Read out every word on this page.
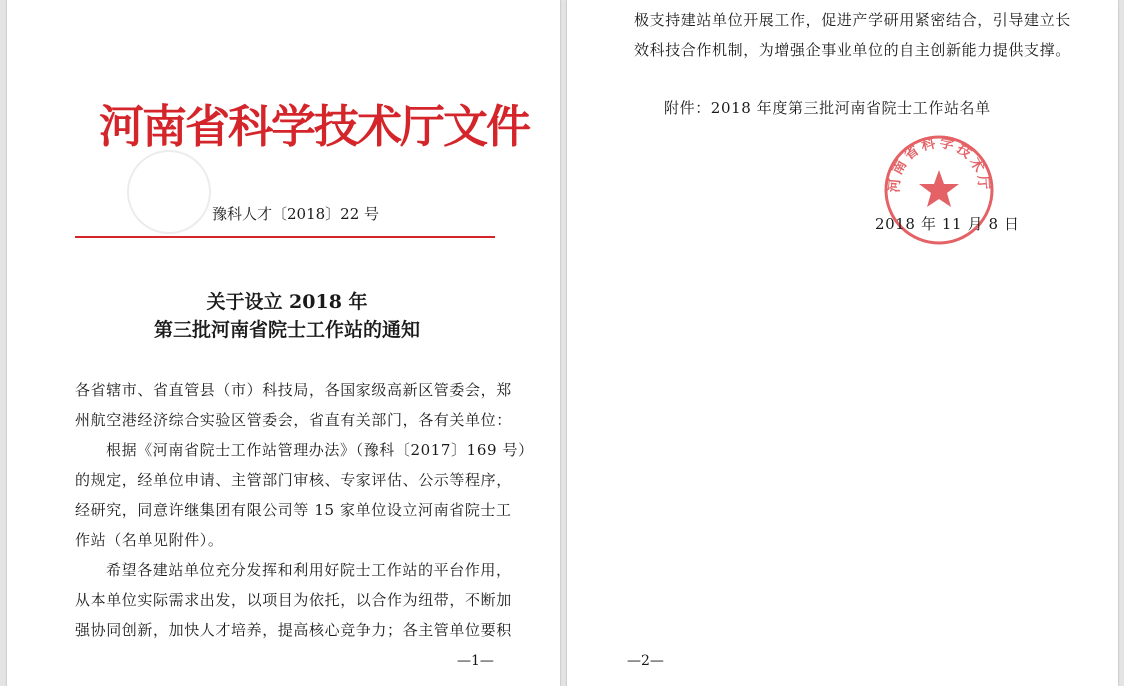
河南省科学技术厅文件
豫科人才〔2018〕22 号
关于设立 2018 年
第三批河南省院士工作站的通知
各省辖市、省直管县（市）科技局，各国家级高新区管委会，郑
州航空港经济综合实验区管委会，省直有关部门，各有关单位：
根据《河南省院士工作站管理办法》（豫科〔2017〕169 号）
的规定，经单位申请、主管部门审核、专家评估、公示等程序，
经研究，同意许继集团有限公司等 15 家单位设立河南省院士工
作站（名单见附件）。
希望各建站单位充分发挥和利用好院士工作站的平台作用，
从本单位实际需求出发，以项目为依托，以合作为纽带，不断加
强协同创新，加快人才培养，提高核心竞争力；各主管单位要积
—1—
极支持建站单位开展工作，促进产学研用紧密结合，引导建立长
效科技合作机制，为增强企事业单位的自主创新能力提供支撑。
附件：2018 年度第三批河南省院士工作站名单
河南省科学技术厅
2018 年 11 月 8 日
—2—
